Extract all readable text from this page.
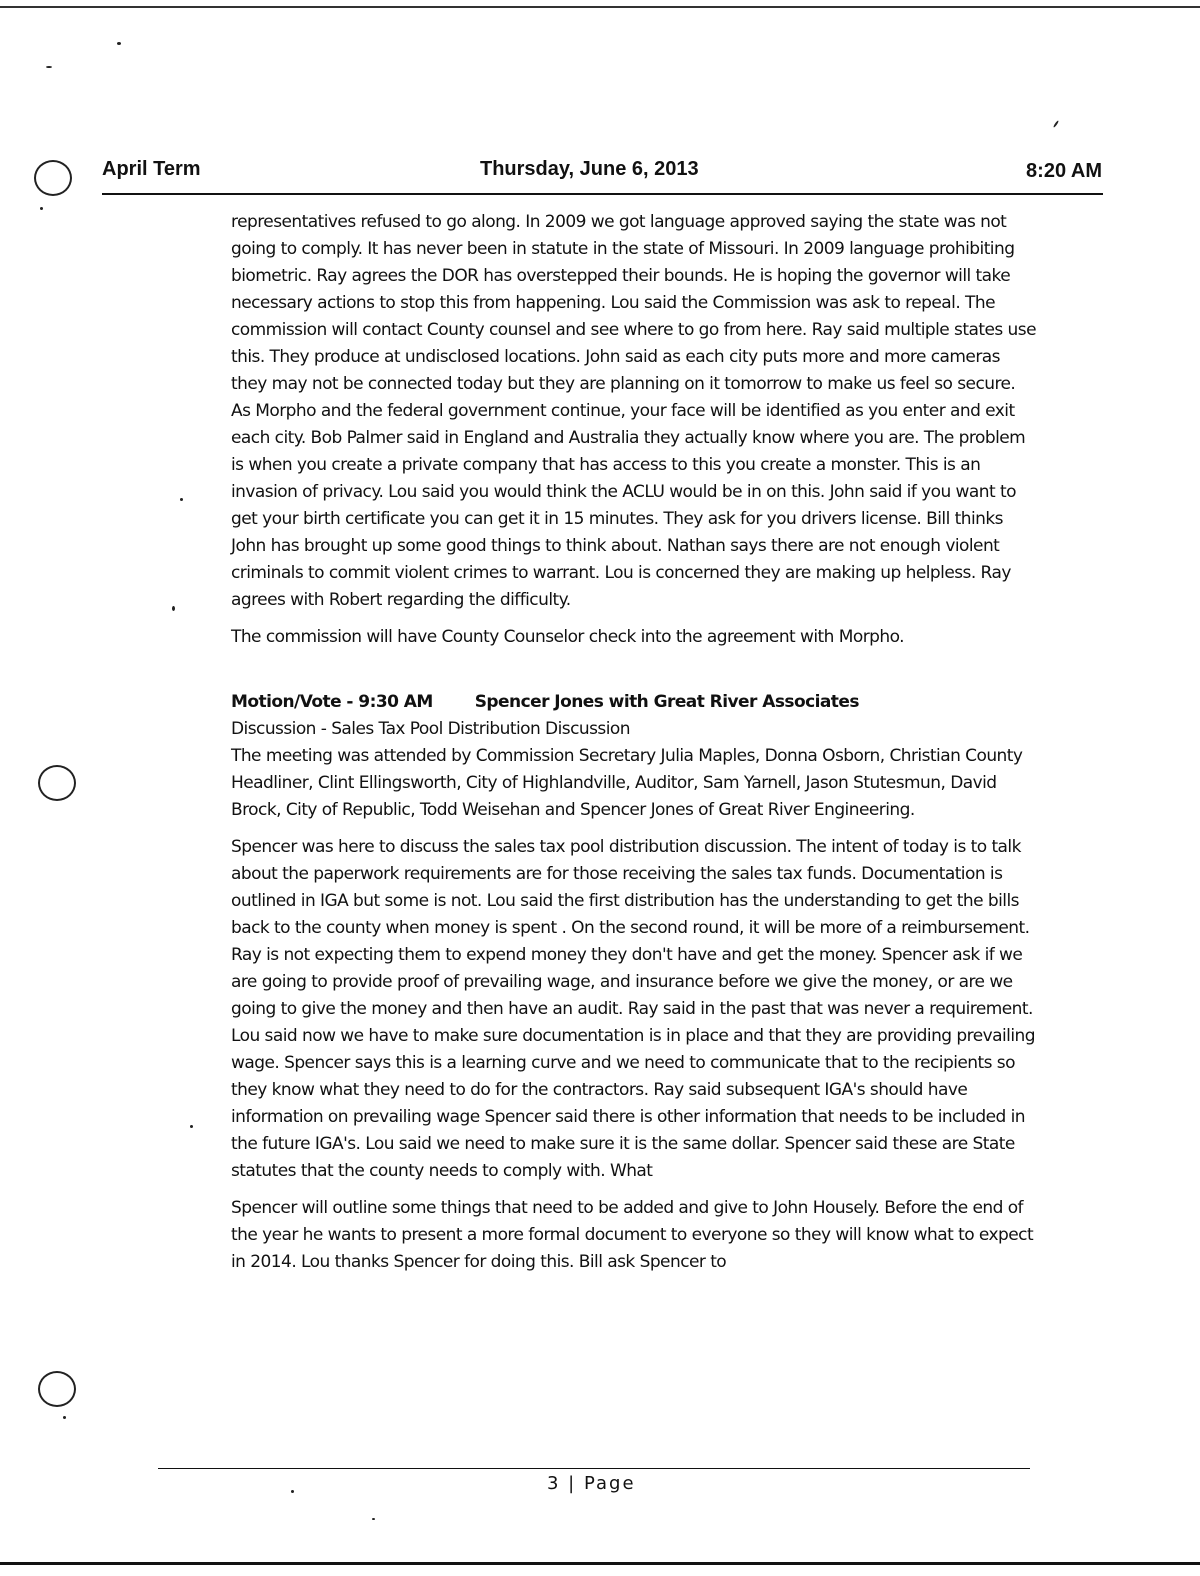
April Term	Thursday, June 6, 2013	8:20 AM

representatives refused to go along. In 2009 we got language approved saying the state was not going to comply. It has never been in statute in the state of Missouri. In 2009 language prohibiting biometric. Ray agrees the DOR has overstepped their bounds. He is hoping the governor will take necessary actions to stop this from happening. Lou said the Commission was ask to repeal. The commission will contact County counsel and see where to go from here. Ray said multiple states use this. They produce at undisclosed locations. John said as each city puts more and more cameras they may not be connected today but they are planning on it tomorrow to make us feel so secure. As Morpho and the federal government continue, your face will be identified as you enter and exit each city. Bob Palmer said in England and Australia they actually know where you are. The problem is when you create a private company that has access to this you create a monster. This is an invasion of privacy. Lou said you would think the ACLU would be in on this. John said if you want to get your birth certificate you can get it in 15 minutes. They ask for you drivers license. Bill thinks John has brought up some good things to think about. Nathan says there are not enough violent criminals to commit violent crimes to warrant. Lou is concerned they are making up helpless. Ray agrees with Robert regarding the difficulty.

The commission will have County Counselor check into the agreement with Morpho.

Motion/Vote - 9:30 AM Spencer Jones with Great River Associates

Discussion - Sales Tax Pool Distribution Discussion

The meeting was attended by Commission Secretary Julia Maples, Donna Osborn, Christian County Headliner, Clint Ellingsworth, City of Highlandville, Auditor, Sam Yarnell, Jason Stutesmun, David Brock, City of Republic, Todd Weisehan and Spencer Jones of Great River Engineering.

Spencer was here to discuss the sales tax pool distribution discussion. The intent of today is to talk about the paperwork requirements are for those receiving the sales tax funds. Documentation is outlined in IGA but some is not. Lou said the first distribution has the understanding to get the bills back to the county when money is spent . On the second round, it will be more of a reimbursement. Ray is not expecting them to expend money they don't have and get the money. Spencer ask if we are going to provide proof of prevailing wage, and insurance before we give the money, or are we going to give the money and then have an audit. Ray said in the past that was never a requirement. Lou said now we have to make sure documentation is in place and that they are providing prevailing wage. Spencer says this is a learning curve and we need to communicate that to the recipients so they know what they need to do for the contractors. Ray said subsequent IGA's should have information on prevailing wage Spencer said there is other information that needs to be included in the future IGA's. Lou said we need to make sure it is the same dollar. Spencer said these are State statutes that the county needs to comply with. What

Spencer will outline some things that need to be added and give to John Housely. Before the end of the year he wants to present a more formal document to everyone so they will know what to expect in 2014. Lou thanks Spencer for doing this. Bill ask Spencer to

3 | Page
